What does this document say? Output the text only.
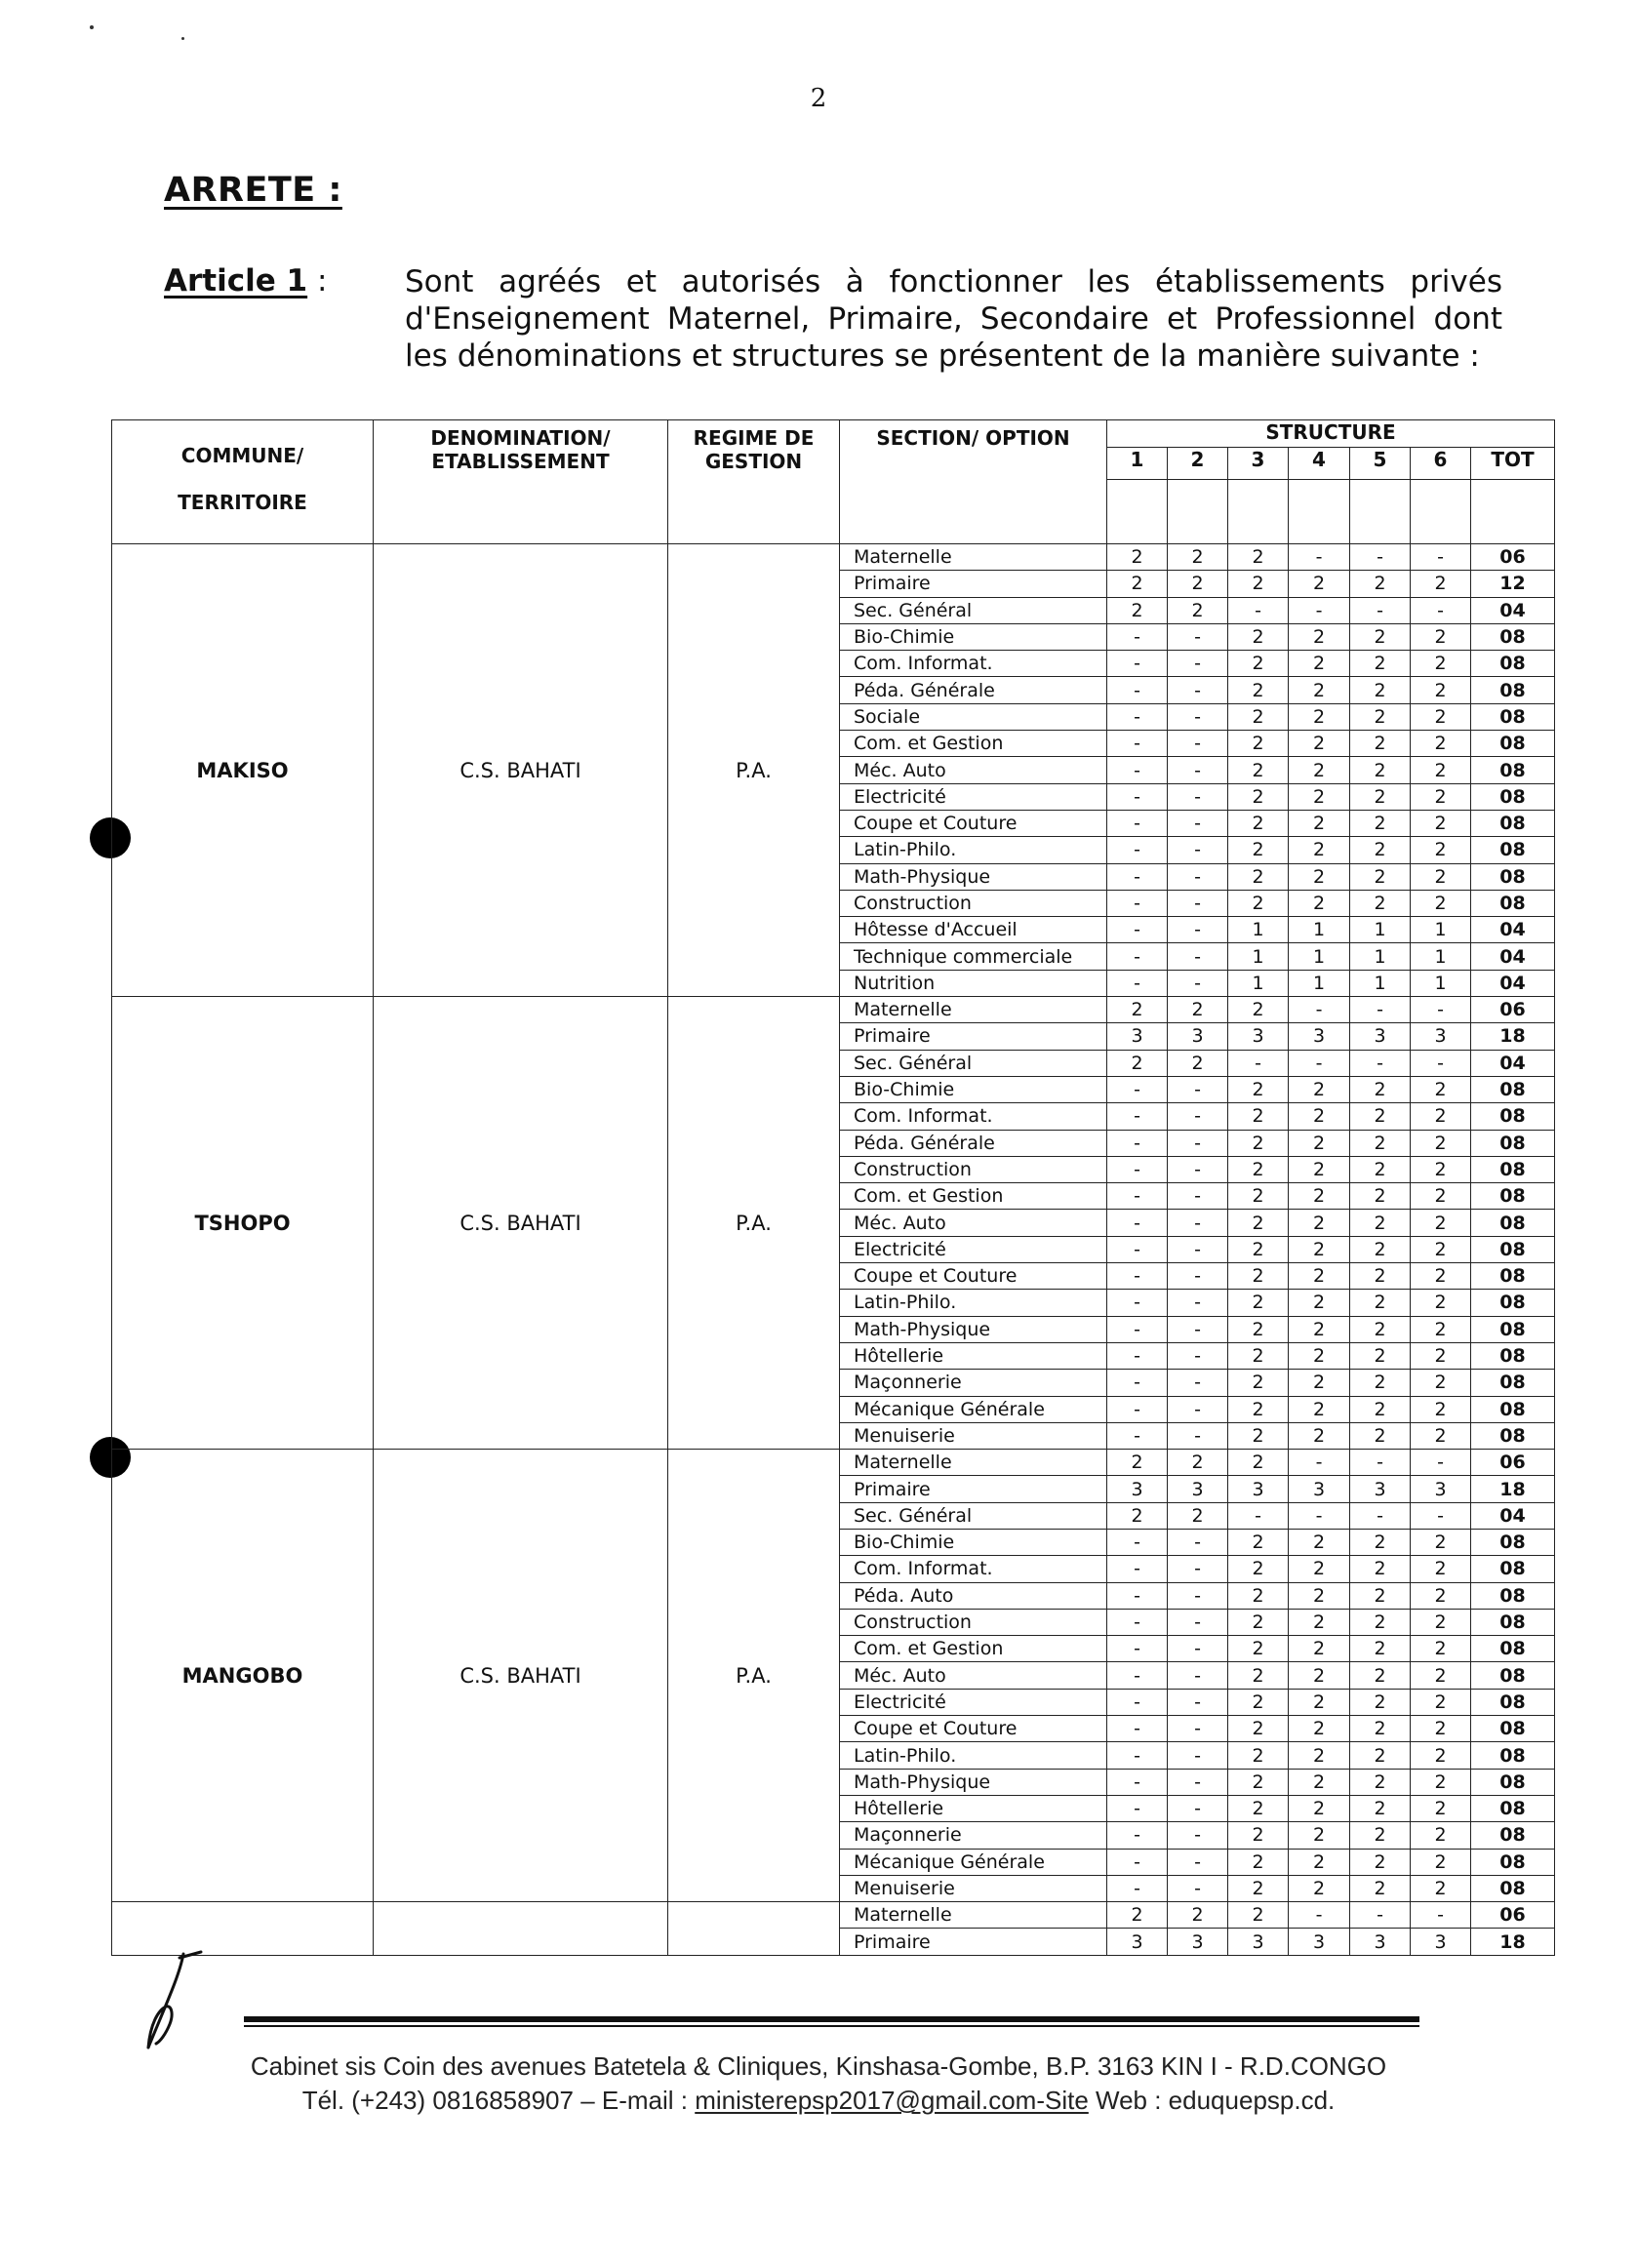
2
ARRETE :
Article 1 :	Sont agréés et autorisés à fonctionner les établissements privés d'Enseignement Maternel, Primaire, Secondaire et Professionnel dont les dénominations et structures se présentent de la manière suivante :
COMMUNE/
TERRITOIRE	DENOMINATION/ ETABLISSEMENT	REGIME DE GESTION	SECTION/ OPTION	STRUCTURE						
				1	2	3	4	5	6	TOT

MAKISO	C.S. BAHATI	P.A.	Maternelle	2	2	2	-	-	-	06
			Primaire	2	2	2	2	2	2	12
			Sec. Général	2	2	-	-	-	-	04
			Bio-Chimie	-	-	2	2	2	2	08
			Com. Informat.	-	-	2	2	2	2	08
			Péda. Générale	-	-	2	2	2	2	08
			Sociale	-	-	2	2	2	2	08
			Com. et Gestion	-	-	2	2	2	2	08
			Méc. Auto	-	-	2	2	2	2	08
			Electricité	-	-	2	2	2	2	08
			Coupe et Couture	-	-	2	2	2	2	08
			Latin-Philo.	-	-	2	2	2	2	08
			Math-Physique	-	-	2	2	2	2	08
			Construction	-	-	2	2	2	2	08
			Hôtesse d'Accueil	-	-	1	1	1	1	04
			Technique commerciale	-	-	1	1	1	1	04
			Nutrition	-	-	1	1	1	1	04
TSHOPO	C.S. BAHATI	P.A.	Maternelle	2	2	2	-	-	-	06
			Primaire	3	3	3	3	3	3	18
			Sec. Général	2	2	-	-	-	-	04
			Bio-Chimie	-	-	2	2	2	2	08
			Com. Informat.	-	-	2	2	2	2	08
			Péda. Générale	-	-	2	2	2	2	08
			Construction	-	-	2	2	2	2	08
			Com. et Gestion	-	-	2	2	2	2	08
			Méc. Auto	-	-	2	2	2	2	08
			Electricité	-	-	2	2	2	2	08
			Coupe et Couture	-	-	2	2	2	2	08
			Latin-Philo.	-	-	2	2	2	2	08
			Math-Physique	-	-	2	2	2	2	08
			Hôtellerie	-	-	2	2	2	2	08
			Maçonnerie	-	-	2	2	2	2	08
			Mécanique Générale	-	-	2	2	2	2	08
			Menuiserie	-	-	2	2	2	2	08
MANGOBO	C.S. BAHATI	P.A.	Maternelle	2	2	2	-	-	-	06
			Primaire	3	3	3	3	3	3	18
			Sec. Général	2	2	-	-	-	-	04
			Bio-Chimie	-	-	2	2	2	2	08
			Com. Informat.	-	-	2	2	2	2	08
			Péda. Auto	-	-	2	2	2	2	08
			Construction	-	-	2	2	2	2	08
			Com. et Gestion	-	-	2	2	2	2	08
			Méc. Auto	-	-	2	2	2	2	08
			Electricité	-	-	2	2	2	2	08
			Coupe et Couture	-	-	2	2	2	2	08
			Latin-Philo.	-	-	2	2	2	2	08
			Math-Physique	-	-	2	2	2	2	08
			Hôtellerie	-	-	2	2	2	2	08
			Maçonnerie	-	-	2	2	2	2	08
			Mécanique Générale	-	-	2	2	2	2	08
			Menuiserie	-	-	2	2	2	2	08
			Maternelle	2	2	2	-	-	-	06
			Primaire	3	3	3	3	3	3	18
Cabinet sis Coin des avenues Batetela & Cliniques, Kinshasa-Gombe, B.P. 3163 KIN I - R.D.CONGO
Tél. (+243) 0816858907 – E-mail : ministerepsp2017@gmail.com-Site Web : eduquepsp.cd.
